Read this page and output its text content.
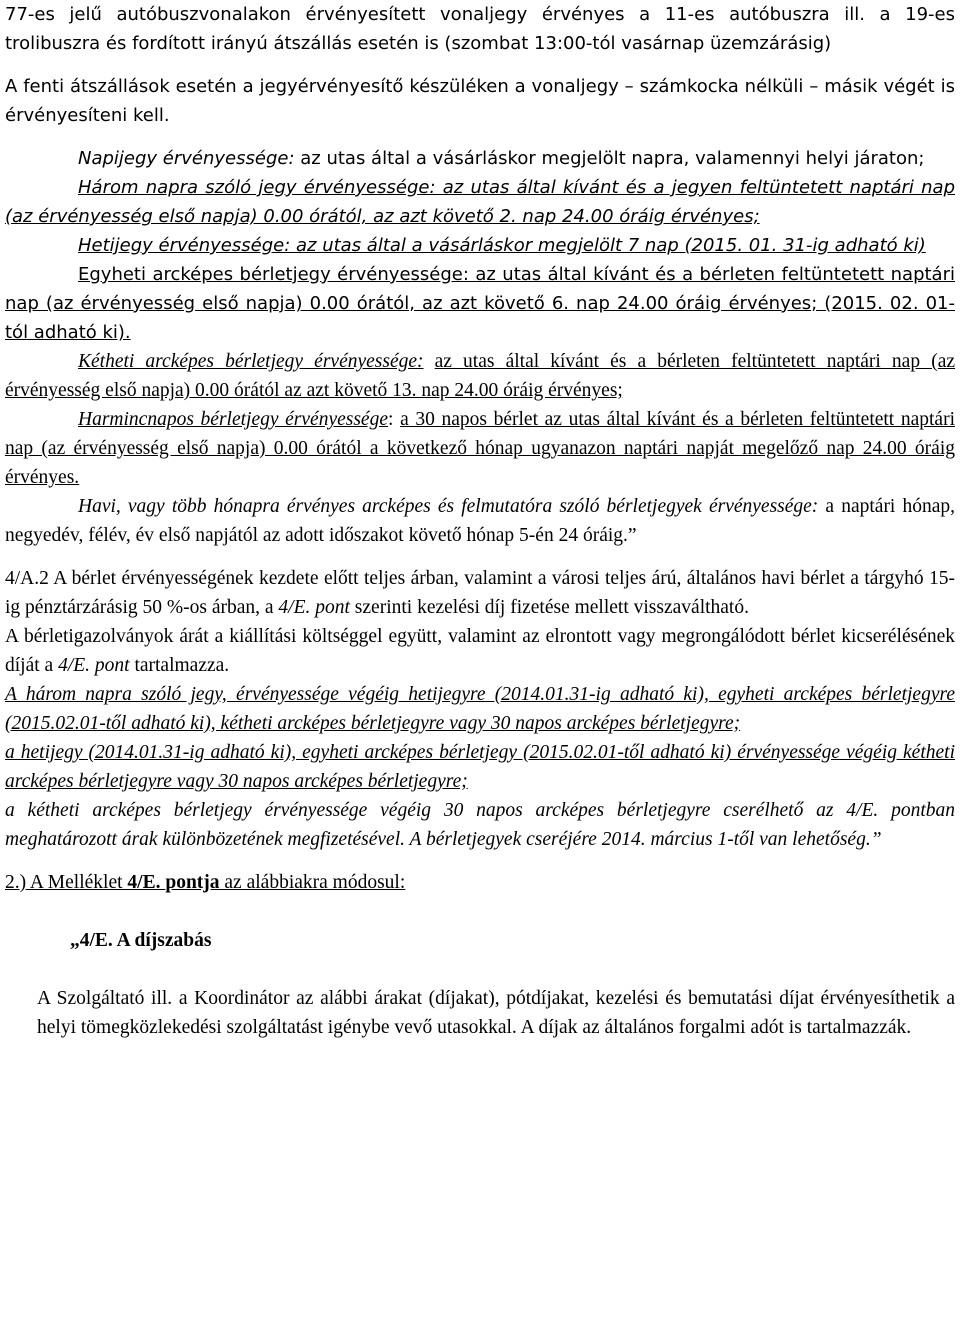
77-es jelű autóbuszvonalakon érvényesített vonaljegy érvényes a 11-es autóbuszra ill. a 19-es trolibuszra és fordított irányú átszállás esetén is (szombat 13:00-tól vasárnap üzemzárásig)

A fenti átszállások esetén a jegyérvényesítő készüléken a vonaljegy – számkocka nélküli – másik végét is érvényesíteni kell.

Napijegy érvényessége: az utas által a vásárláskor megjelölt napra, valamennyi helyi járaton;

Három napra szóló jegy érvényessége: az utas által kívánt és a jegyen feltüntetett naptári nap (az érvényesség első napja) 0.00 órától, az azt követő 2. nap 24.00 óráig érvényes;

Hetijegy érvényessége: az utas által a vásárláskor megjelölt 7 nap (2015. 01. 31-ig adható ki)

Egyheti arcképes bérletjegy érvényessége: az utas által kívánt és a bérleten feltüntetett naptári nap (az érvényesség első napja) 0.00 órától, az azt követő 6. nap 24.00 óráig érvényes; (2015. 02. 01-tól adható ki).

Kétheti arcképes bérletjegy érvényessége: az utas által kívánt és a bérleten feltüntetett naptári nap (az érvényesség első napja) 0.00 órától az azt követő 13. nap 24.00 óráig érvényes;

Harmincnapos bérletjegy érvényessége: a 30 napos bérlet az utas által kívánt és a bérleten feltüntetett naptári nap (az érvényesség első napja) 0.00 órától a következő hónap ugyanazon naptári napját megelőző nap 24.00 óráig érvényes.

Havi, vagy több hónapra érvényes arcképes és felmutatóra szóló bérletjegyek érvényessége: a naptári hónap, negyedév, félév, év első napjától az adott időszakot követő hónap 5-én 24 óráig.”

4/A.2 A bérlet érvényességének kezdete előtt teljes árban, valamint a városi teljes árú, általános havi bérlet a tárgyhó 15-ig pénztárzárásig 50 %-os árban, a 4/E. pont szerinti kezelési díj fizetése mellett visszaváltható.

A bérletigazolványok árát a kiállítási költséggel együtt, valamint az elrontott vagy megrongálódott bérlet kicserélésének díját a 4/E. pont tartalmazza.

A három napra szóló jegy, érvényessége végéig hetijegyre (2014.01.31-ig adható ki), egyheti arcképes bérletjegyre (2015.02.01-től adható ki), kétheti arcképes bérletjegyre vagy 30 napos arcképes bérletjegyre;

a hetijegy (2014.01.31-ig adható ki), egyheti arcképes bérletjegy (2015.02.01-től adható ki) érvényessége végéig kétheti arcképes bérletjegyre vagy 30 napos arcképes bérletjegyre;

a kétheti arcképes bérletjegy érvényessége végéig 30 napos arcképes bérletjegyre cserélhető az 4/E. pontban meghatározott árak különbözetének megfizetésével. A bérletjegyek cseréjére 2014. március 1-től van lehetőség.”

2.) A Melléklet 4/E. pontja az alábbiakra módosul:

„4/E. A díjszabás

A Szolgáltató ill. a Koordinátor az alábbi árakat (díjakat), pótdíjakat, kezelési és bemutatási díjat érvényesíthetik a helyi tömegközlekedési szolgáltatást igénybe vevő utasokkal. A díjak az általános forgalmi adót is tartalmazzák.
